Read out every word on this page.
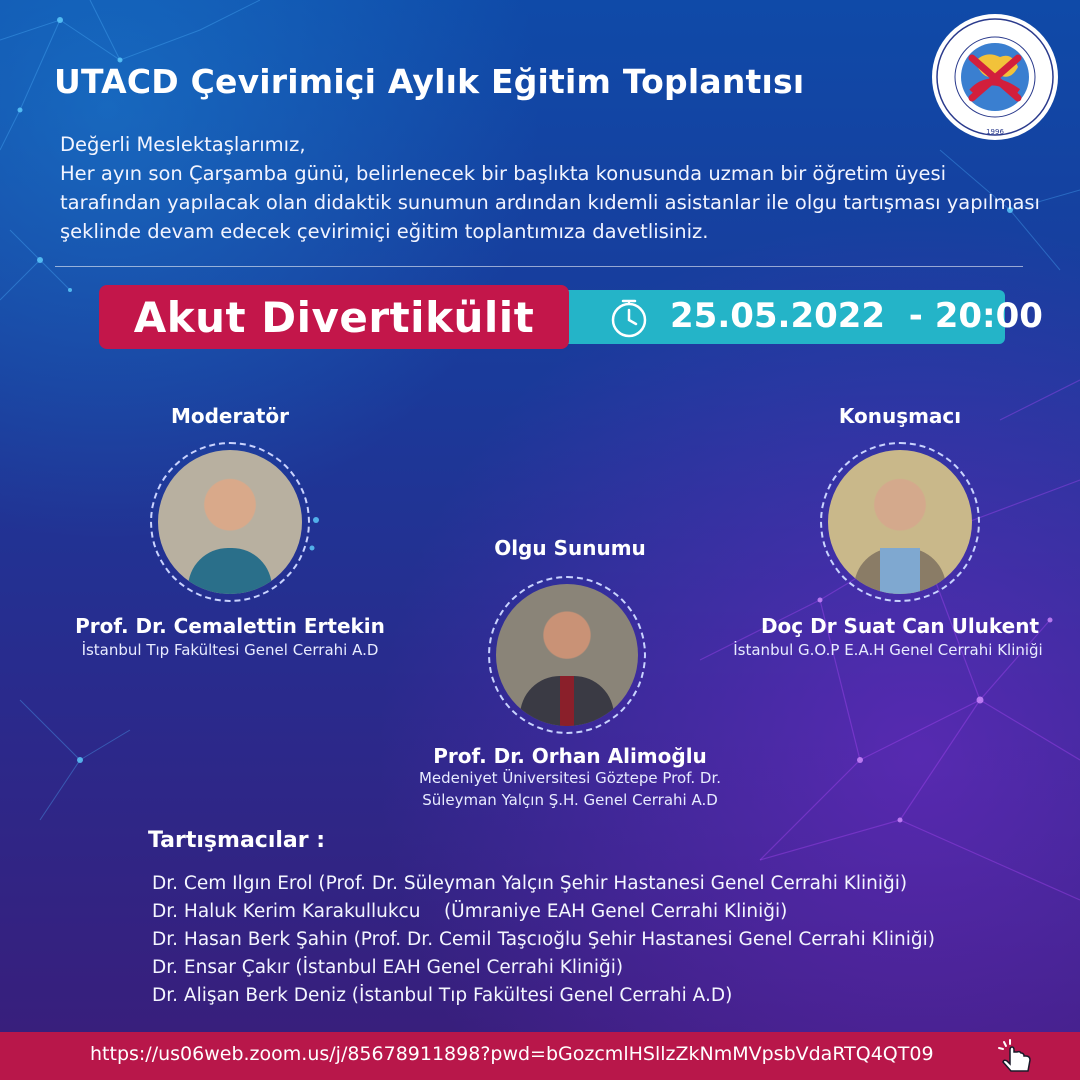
UTACD Çevirimiçi Aylık Eğitim Toplantısı
1996
Değerli Meslektaşlarımız,
Her ayın son Çarşamba günü, belirlenecek bir başlıkta konusunda uzman bir öğretim üyesi tarafından yapılacak olan didaktik sunumun ardından kıdemli asistanlar ile olgu tartışması yapılması şeklinde devam edecek çevirimiçi eğitim toplantımıza davetlisiniz.
25.05.2022  - 20:00
Akut Divertikülit
Moderatör
Prof. Dr. Cemalettin Ertekin
İstanbul Tıp Fakültesi Genel Cerrahi A.D
Olgu Sunumu
Prof. Dr. Orhan Alimoğlu
Medeniyet Üniversitesi Göztepe Prof. Dr.
Süleyman Yalçın Ş.H. Genel Cerrahi A.D
Konuşmacı
Doç Dr Suat Can Ulukent
İstanbul G.O.P E.A.H Genel Cerrahi Kliniği
Tartışmacılar :
Dr. Cem Ilgın Erol (Prof. Dr. Süleyman Yalçın Şehir Hastanesi Genel Cerrahi Kliniği)
Dr. Haluk Kerim Karakullukcu    (Ümraniye EAH Genel Cerrahi Kliniği)
Dr. Hasan Berk Şahin (Prof. Dr. Cemil Taşcıoğlu Şehir Hastanesi Genel Cerrahi Kliniği)
Dr. Ensar Çakır (İstanbul EAH Genel Cerrahi Kliniği)
Dr. Alişan Berk Deniz (İstanbul Tıp Fakültesi Genel Cerrahi A.D)
https://us06web.zoom.us/j/85678911898?pwd=bGozcmlHSllzZkNmMVpsbVdaRTQ4QT09
